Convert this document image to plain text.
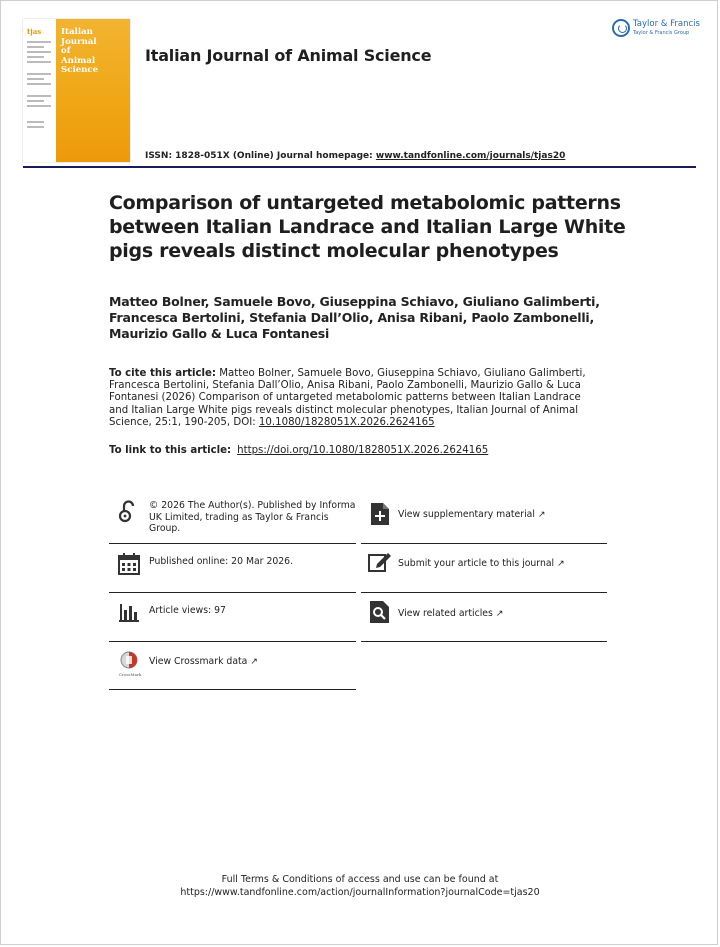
tjas Italian
Journal
of
Animal
Science
Italian Journal of Animal Science
Taylor & Francis
Taylor & Francis Group
ISSN: 1828-051X (Online) Journal homepage: www.tandfonline.com/journals/tjas20
Comparison of untargeted metabolomic patterns between Italian Landrace and Italian Large White pigs reveals distinct molecular phenotypes
Matteo Bolner, Samuele Bovo, Giuseppina Schiavo, Giuliano Galimberti, Francesca Bertolini, Stefania Dall’Olio, Anisa Ribani, Paolo Zambonelli, Maurizio Gallo & Luca Fontanesi
To cite this article: Matteo Bolner, Samuele Bovo, Giuseppina Schiavo, Giuliano Galimberti, Francesca Bertolini, Stefania Dall’Olio, Anisa Ribani, Paolo Zambonelli, Maurizio Gallo & Luca Fontanesi (2026) Comparison of untargeted metabolomic patterns between Italian Landrace and Italian Large White pigs reveals distinct molecular phenotypes, Italian Journal of Animal Science, 25:1, 190-205, DOI: 10.1080/1828051X.2026.2624165
To link to this article: https://doi.org/10.1080/1828051X.2026.2624165
© 2026 The Author(s). Published by Informa UK Limited, trading as Taylor & Francis Group.
Published online: 20 Mar 2026.
Article views: 97
CrossMark
View Crossmark data ↗
View supplementary material ↗
Submit your article to this journal ↗
View related articles ↗
Full Terms & Conditions of access and use can be found at
https://www.tandfonline.com/action/journalInformation?journalCode=tjas20
